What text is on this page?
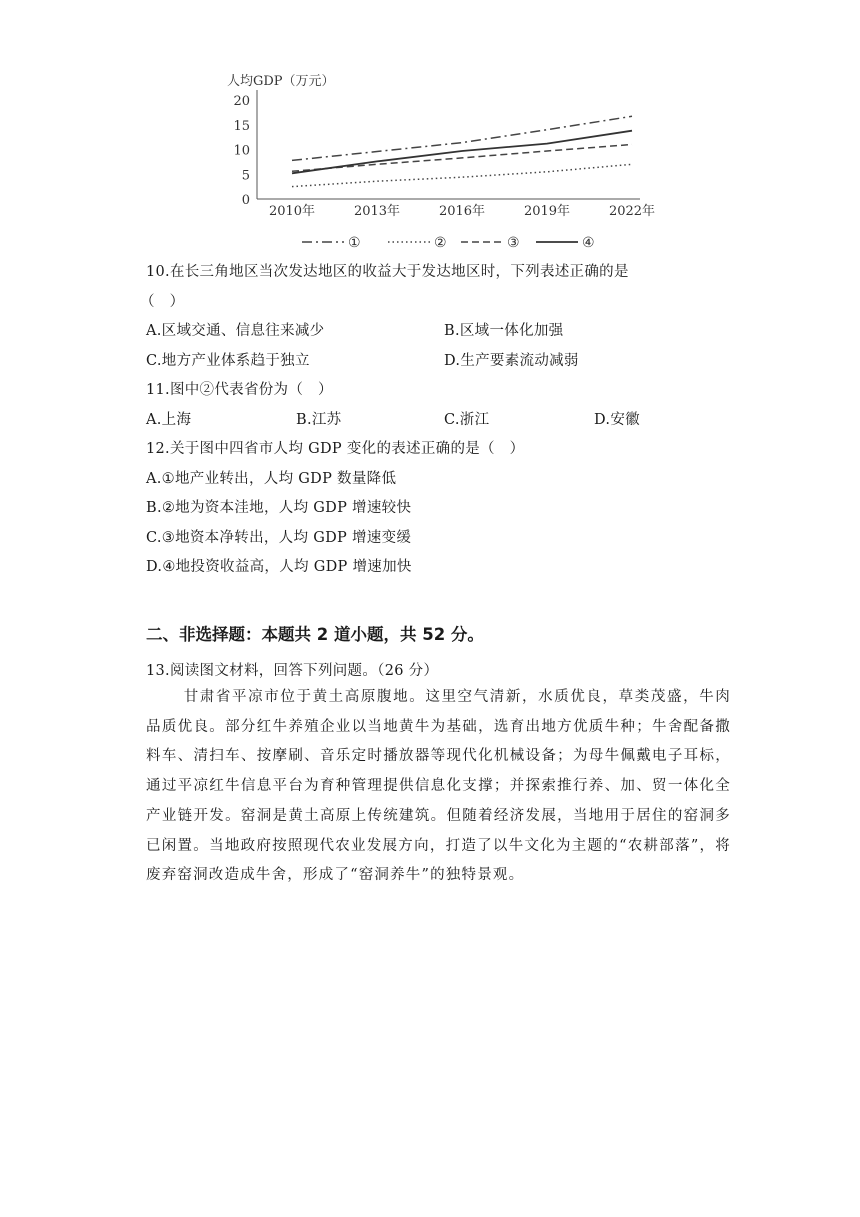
人均GDP（万元）
0
5
10
15
20
2010年	2013年	2016年	2019年	2022年
①	②	③	④
10.在长三角地区当次发达地区的收益大于发达地区时，下列表述正确的是
（　）
A.区域交通、信息往来减少	B.区域一体化加强
C.地方产业体系趋于独立	D.生产要素流动减弱
11.图中②代表省份为（　）
A.上海	B.江苏	C.浙江	D.安徽
12.关于图中四省市人均 GDP 变化的表述正确的是（　）
A.①地产业转出，人均 GDP 数量降低
B.②地为资本洼地，人均 GDP 增速较快
C.③地资本净转出，人均 GDP 增速变缓
D.④地投资收益高，人均 GDP 增速加快
二、非选择题：本题共 2 道小题，共 52 分。
13.阅读图文材料，回答下列问题。（26 分）
甘肃省平凉市位于黄土高原腹地。这里空气清新，水质优良，草类茂盛，牛肉品质优良。部分红牛养殖企业以当地黄牛为基础，选育出地方优质牛种；牛舍配备撒料车、清扫车、按摩刷、音乐定时播放器等现代化机械设备；为母牛佩戴电子耳标，通过平凉红牛信息平台为育种管理提供信息化支撑；并探索推行养、加、贸一体化全产业链开发。窑洞是黄土高原上传统建筑。但随着经济发展，当地用于居住的窑洞多已闲置。当地政府按照现代农业发展方向，打造了以牛文化为主题的“农耕部落”，将废弃窑洞改造成牛舍，形成了“窑洞养牛”的独特景观。
